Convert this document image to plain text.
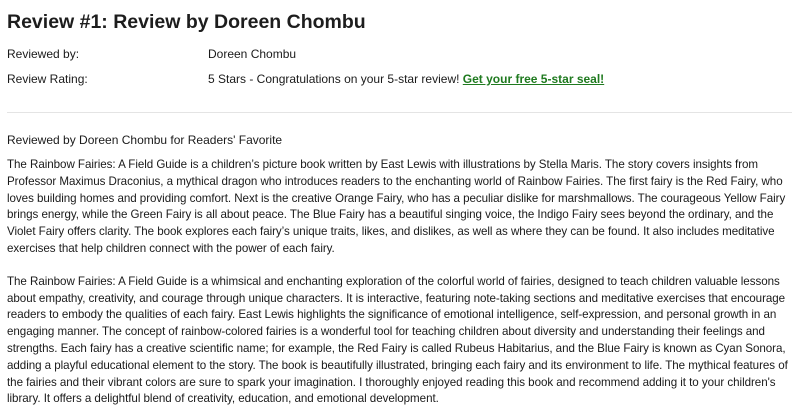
Review #1: Review by Doreen Chombu
Reviewed by:	Doreen Chombu
Review Rating:	5 Stars - Congratulations on your 5-star review! Get your free 5-star seal!

Reviewed by Doreen Chombu for Readers' Favorite

The Rainbow Fairies: A Field Guide is a children’s picture book written by East Lewis with illustrations by Stella Maris. The story covers insights from Professor Maximus Draconius, a mythical dragon who introduces readers to the enchanting world of Rainbow Fairies. The first fairy is the Red Fairy, who loves building homes and providing comfort. Next is the creative Orange Fairy, who has a peculiar dislike for marshmallows. The courageous Yellow Fairy brings energy, while the Green Fairy is all about peace. The Blue Fairy has a beautiful singing voice, the Indigo Fairy sees beyond the ordinary, and the Violet Fairy offers clarity. The book explores each fairy’s unique traits, likes, and dislikes, as well as where they can be found. It also includes meditative exercises that help children connect with the power of each fairy.

The Rainbow Fairies: A Field Guide is a whimsical and enchanting exploration of the colorful world of fairies, designed to teach children valuable lessons about empathy, creativity, and courage through unique characters. It is interactive, featuring note-taking sections and meditative exercises that encourage readers to embody the qualities of each fairy. East Lewis highlights the significance of emotional intelligence, self-expression, and personal growth in an engaging manner. The concept of rainbow-colored fairies is a wonderful tool for teaching children about diversity and understanding their feelings and strengths. Each fairy has a creative scientific name; for example, the Red Fairy is called Rubeus Habitarius, and the Blue Fairy is known as Cyan Sonora, adding a playful educational element to the story. The book is beautifully illustrated, bringing each fairy and its environment to life. The mythical features of the fairies and their vibrant colors are sure to spark your imagination. I thoroughly enjoyed reading this book and recommend adding it to your children's library. It offers a delightful blend of creativity, education, and emotional development.
